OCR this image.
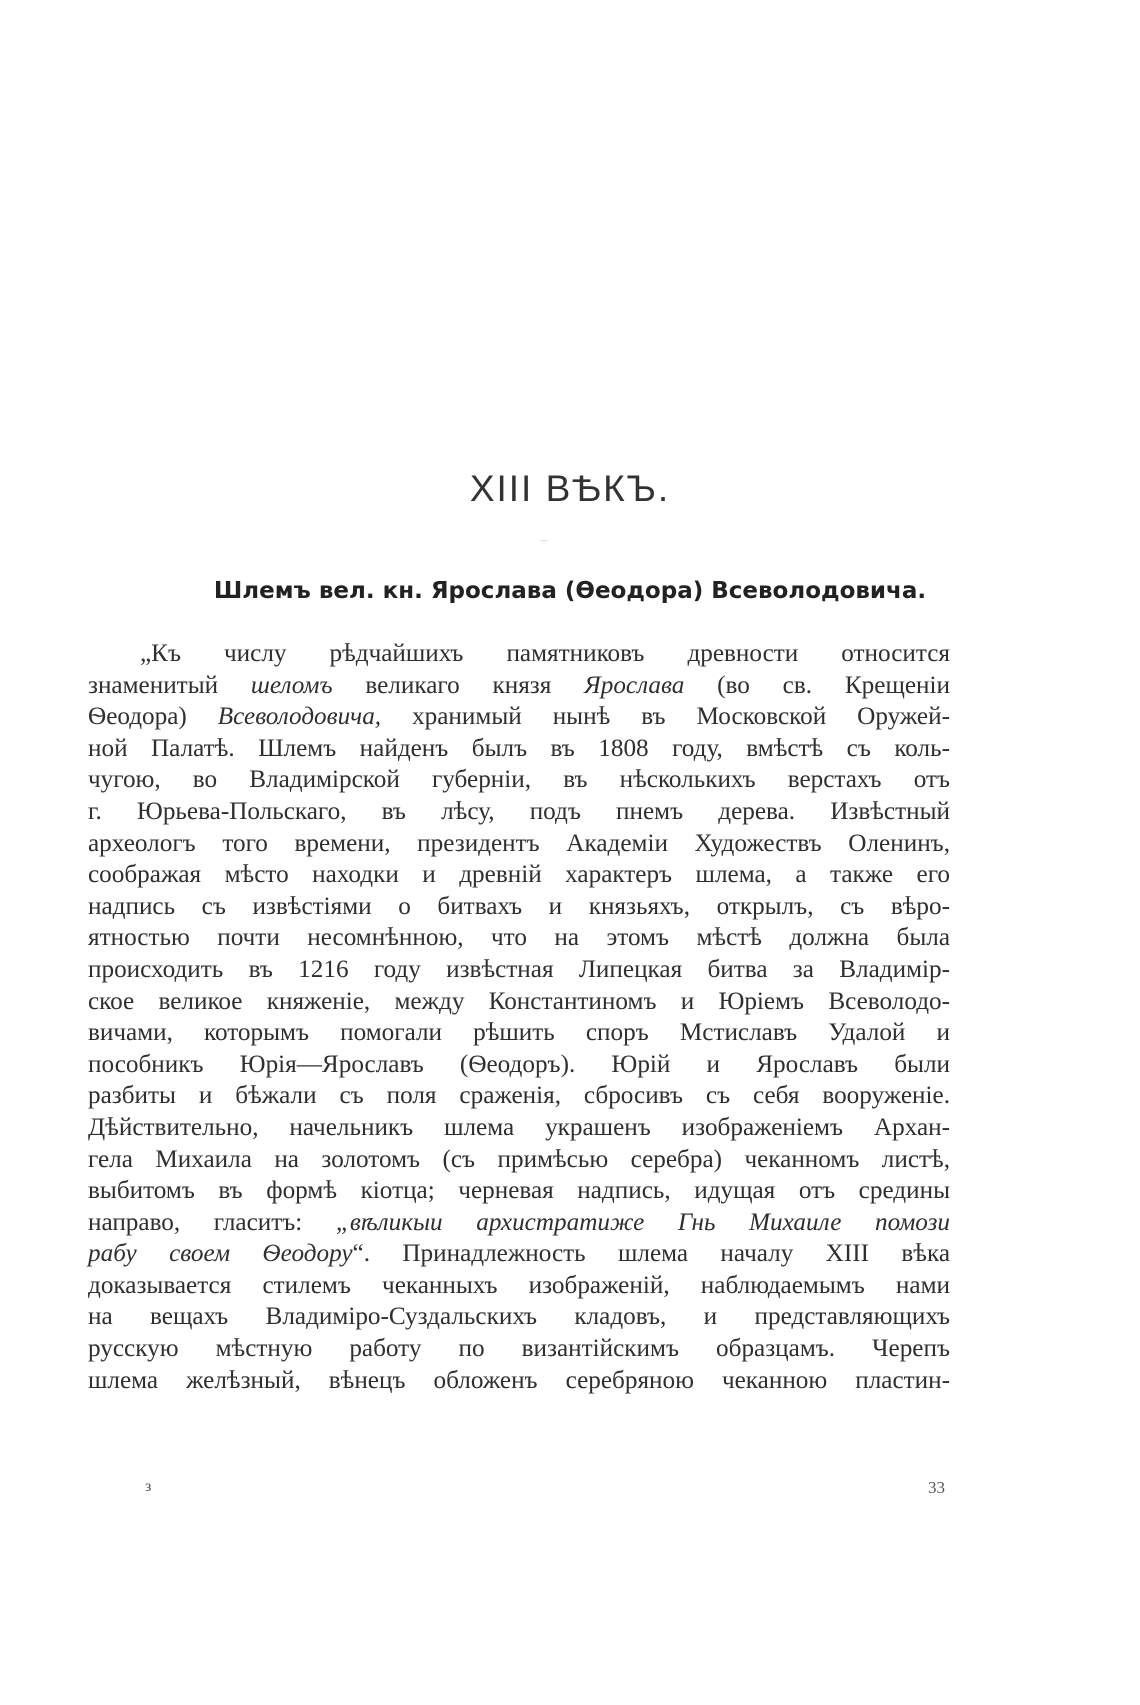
XIII ВѢКЪ.
Шлемъ вел. кн. Ярослава (Ѳеодора) Всеволодовича.
„Къ числу рѣдчайшихъ памятниковъ древности относится
знаменитый шеломъ великаго князя Ярослава (во св. Крещеніи
Ѳеодора) Всеволодовича, хранимый нынѣ въ Московской Оружей-
ной Палатѣ. Шлемъ найденъ былъ въ 1808 году, вмѣстѣ съ коль-
чугою, во Владимірской губерніи, въ нѣсколькихъ верстахъ отъ
г. Юрьева-Польскаго, въ лѣсу, подъ пнемъ дерева. Извѣстный
археологъ того времени, президентъ Академіи Художествъ Оленинъ,
соображая мѣсто находки и древній характеръ шлема, а также его
надпись съ извѣстіями о битвахъ и князьяхъ, открылъ, съ вѣро-
ятностью почти несомнѣнною, что на этомъ мѣстѣ должна была
происходить въ 1216 году извѣстная Липецкая битва за Владимір-
ское великое княженіе, между Константиномъ и Юріемъ Всеволодо-
вичами, которымъ помогали рѣшить споръ Мстиславъ Удалой и
пособникъ Юрія—Ярославъ (Ѳеодоръ). Юрій и Ярославъ были
разбиты и бѣжали съ поля сраженія, сбросивъ съ себя вооруженіе.
Дѣйствительно, начельникъ шлема украшенъ изображеніемъ Архан-
гела Михаила на золотомъ (съ примѣсью серебра) чеканномъ листѣ,
выбитомъ въ формѣ кіотца; черневая надпись, идущая отъ средины
направо, гласитъ: „вѣликыи архистратиже Гнь Михаиле помози
рабу своем Ѳеодору“. Принадлежность шлема началу XIII вѣка
доказывается стилемъ чеканныхъ изображеній, наблюдаемымъ нами
на вещахъ Владиміро-Суздальскихъ кладовъ, и представляющихъ
русскую мѣстную работу по византійскимъ образцамъ. Черепъ
шлема желѣзный, вѣнецъ обложенъ серебряною чеканною пластин-
з	33
